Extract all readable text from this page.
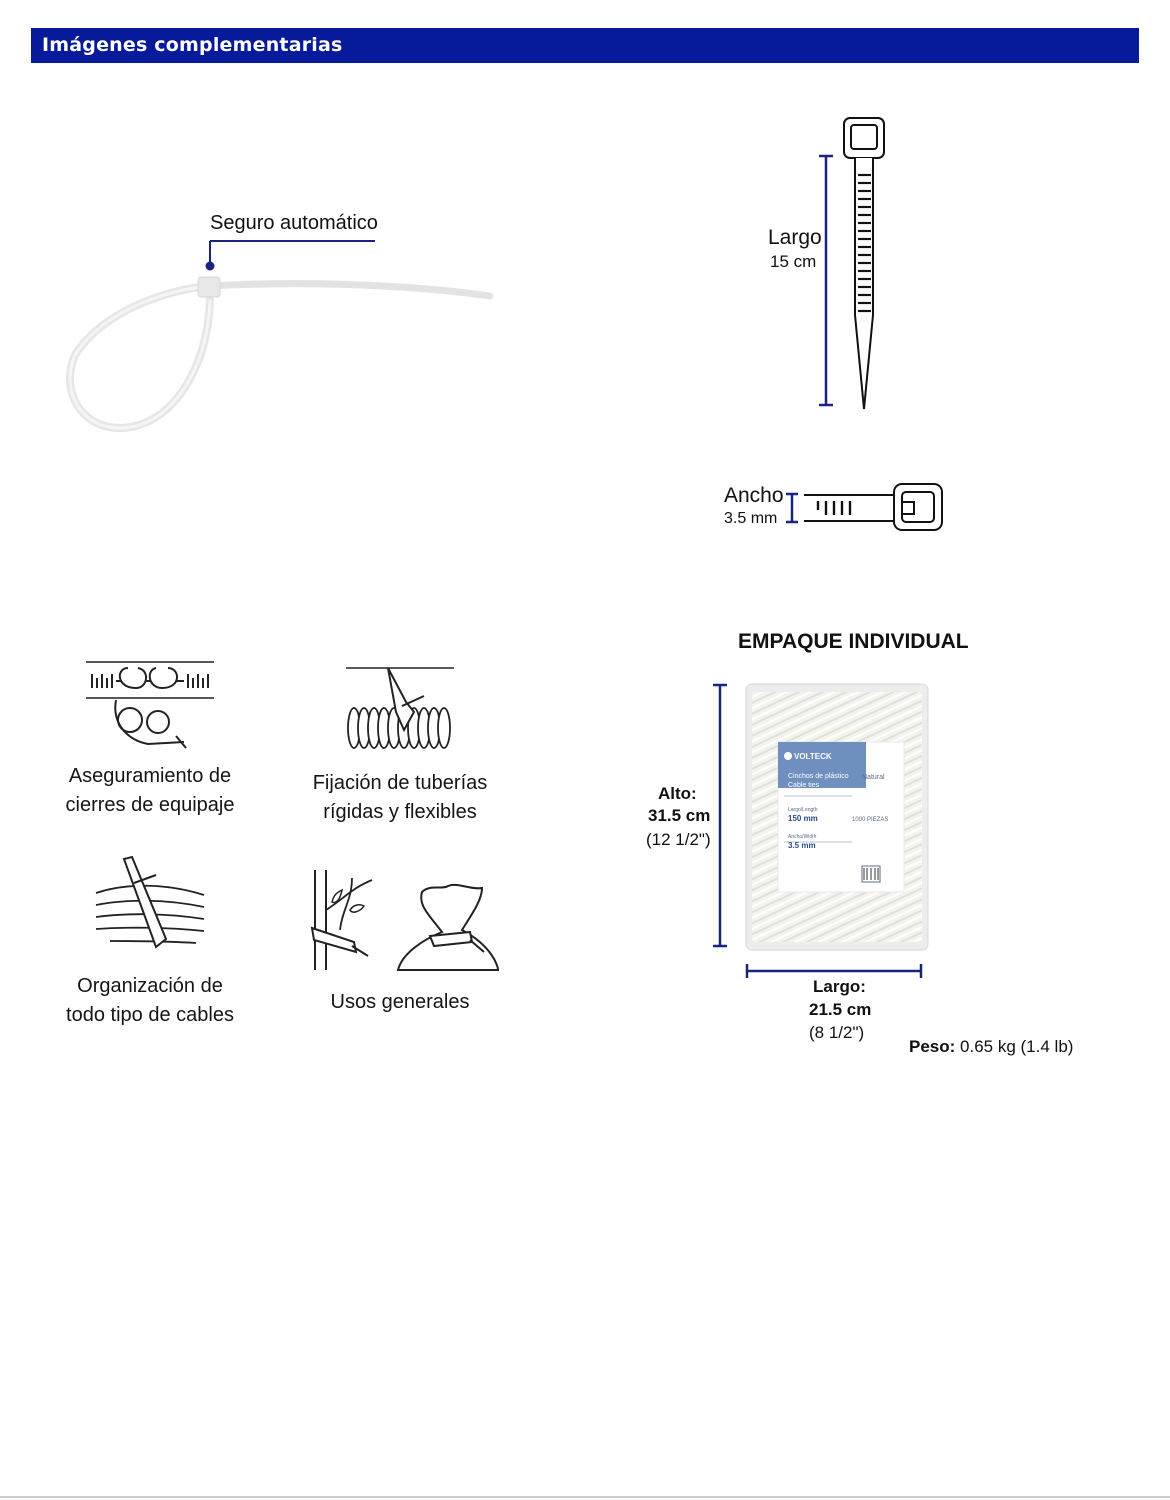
Imágenes complementarias
Seguro automático
Largo
15 cm
Ancho
3.5 mm
Aseguramiento de
cierres de equipaje
Fijación de tuberías
rígidas y flexibles
Organización de
todo tipo de cables
Usos generales
EMPAQUE INDIVIDUAL
Alto:
31.5 cm
(12 1/2")
VOLTECK
Cinchos de plástico
Cable ties
Natural
Largo/Length
150 mm
Ancho/Width
3.5 mm
1000 PIEZAS
Largo:
21.5 cm
(8 1/2")
Peso: 0.65 kg (1.4 lb)
